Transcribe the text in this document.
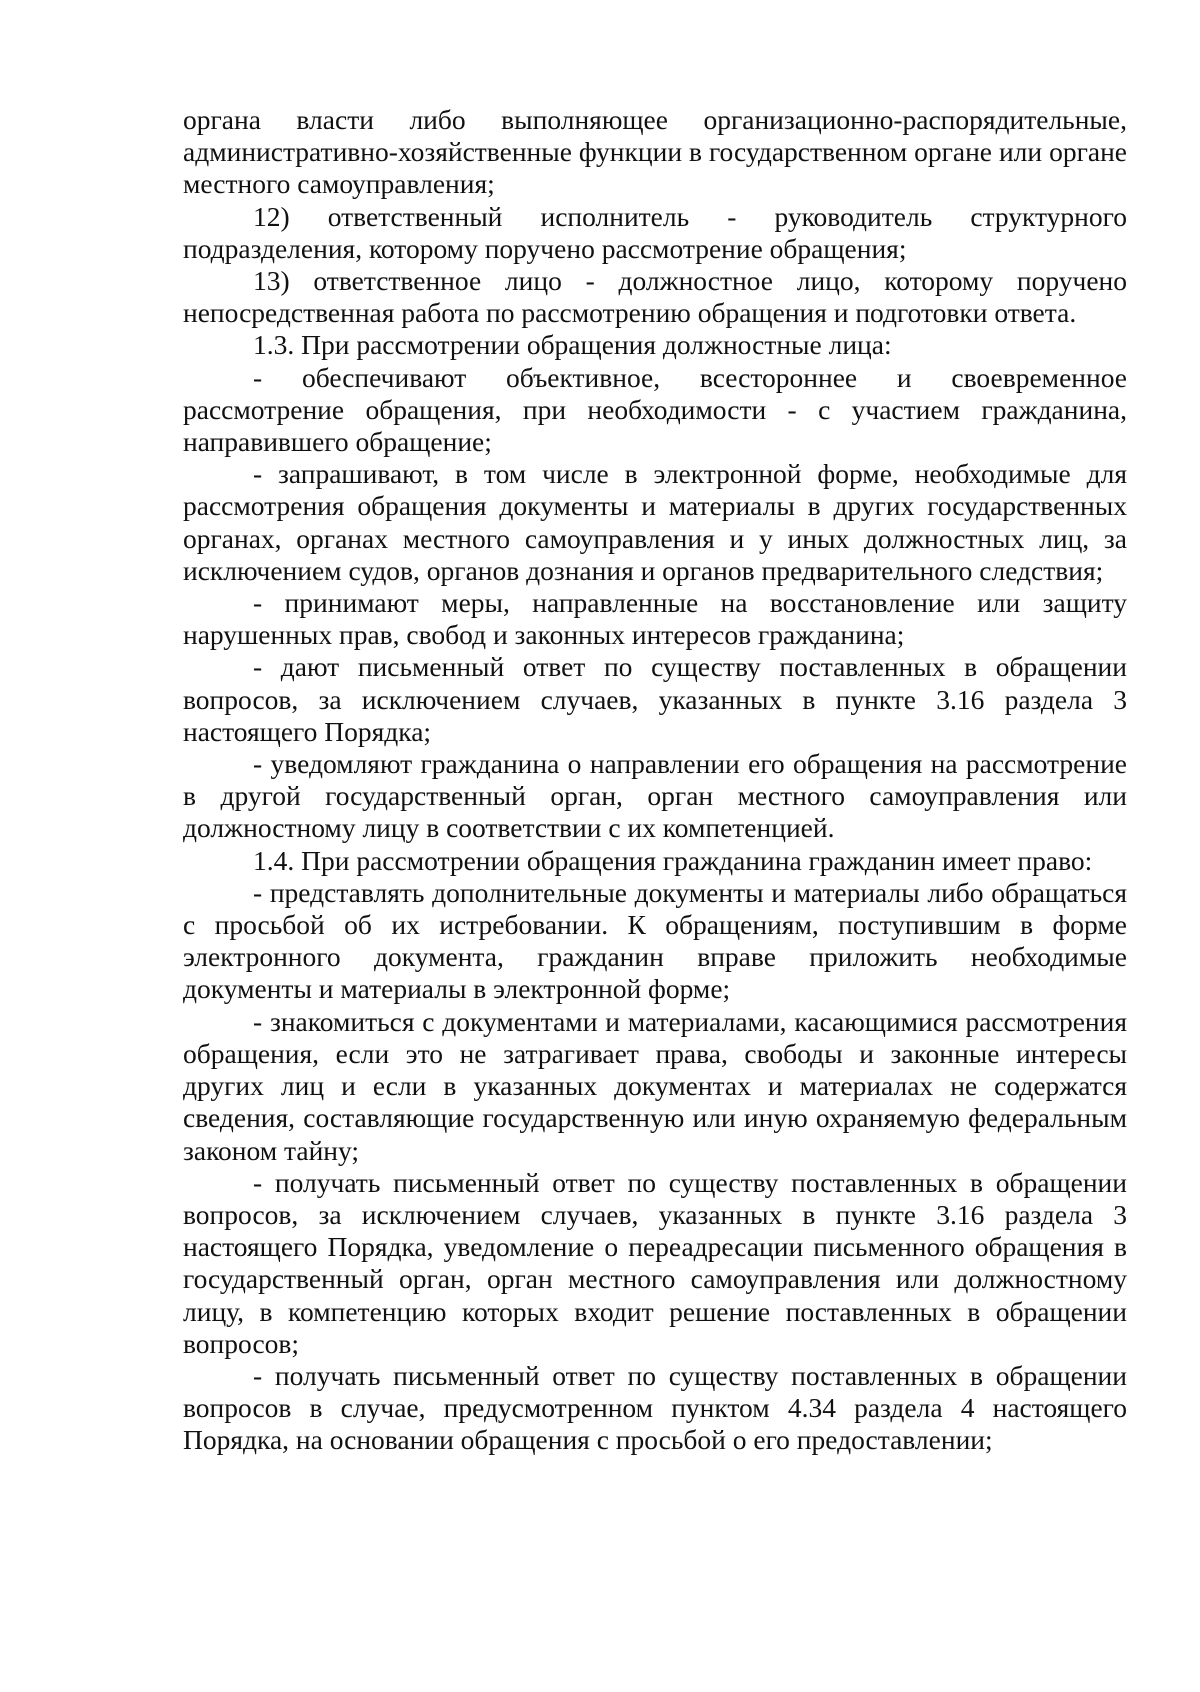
органа власти либо выполняющее организационно-распорядительные, административно-хозяйственные функции в государственном органе или органе местного самоуправления;

12) ответственный исполнитель - руководитель структурного подразделения, которому поручено рассмотрение обращения;

13) ответственное лицо - должностное лицо, которому поручено непосредственная работа по рассмотрению обращения и подготовки ответа.

1.3. При рассмотрении обращения должностные лица:

- обеспечивают объективное, всестороннее и своевременное рассмотрение обращения, при необходимости - с участием гражданина, направившего обращение;

- запрашивают, в том числе в электронной форме, необходимые для рассмотрения обращения документы и материалы в других государственных органах, органах местного самоуправления и у иных должностных лиц, за исключением судов, органов дознания и органов предварительного следствия;

- принимают меры, направленные на восстановление или защиту нарушенных прав, свобод и законных интересов гражданина;

- дают письменный ответ по существу поставленных в обращении вопросов, за исключением случаев, указанных в пункте 3.16 раздела 3 настоящего Порядка;

- уведомляют гражданина о направлении его обращения на рассмотрение в другой государственный орган, орган местного самоуправления или должностному лицу в соответствии с их компетенцией.

1.4. При рассмотрении обращения гражданина гражданин имеет право:

- представлять дополнительные документы и материалы либо обращаться с просьбой об их истребовании. К обращениям, поступившим в форме электронного документа, гражданин вправе приложить необходимые документы и материалы в электронной форме;

- знакомиться с документами и материалами, касающимися рассмотрения обращения, если это не затрагивает права, свободы и законные интересы других лиц и если в указанных документах и материалах не содержатся сведения, составляющие государственную или иную охраняемую федеральным законом тайну;

- получать письменный ответ по существу поставленных в обращении вопросов, за исключением случаев, указанных в пункте 3.16 раздела 3 настоящего Порядка, уведомление о переадресации письменного обращения в государственный орган, орган местного самоуправления или должностному лицу, в компетенцию которых входит решение поставленных в обращении вопросов;

- получать письменный ответ по существу поставленных в обращении вопросов в случае, предусмотренном пунктом 4.34 раздела 4 настоящего Порядка, на основании обращения с просьбой о его предоставлении;
